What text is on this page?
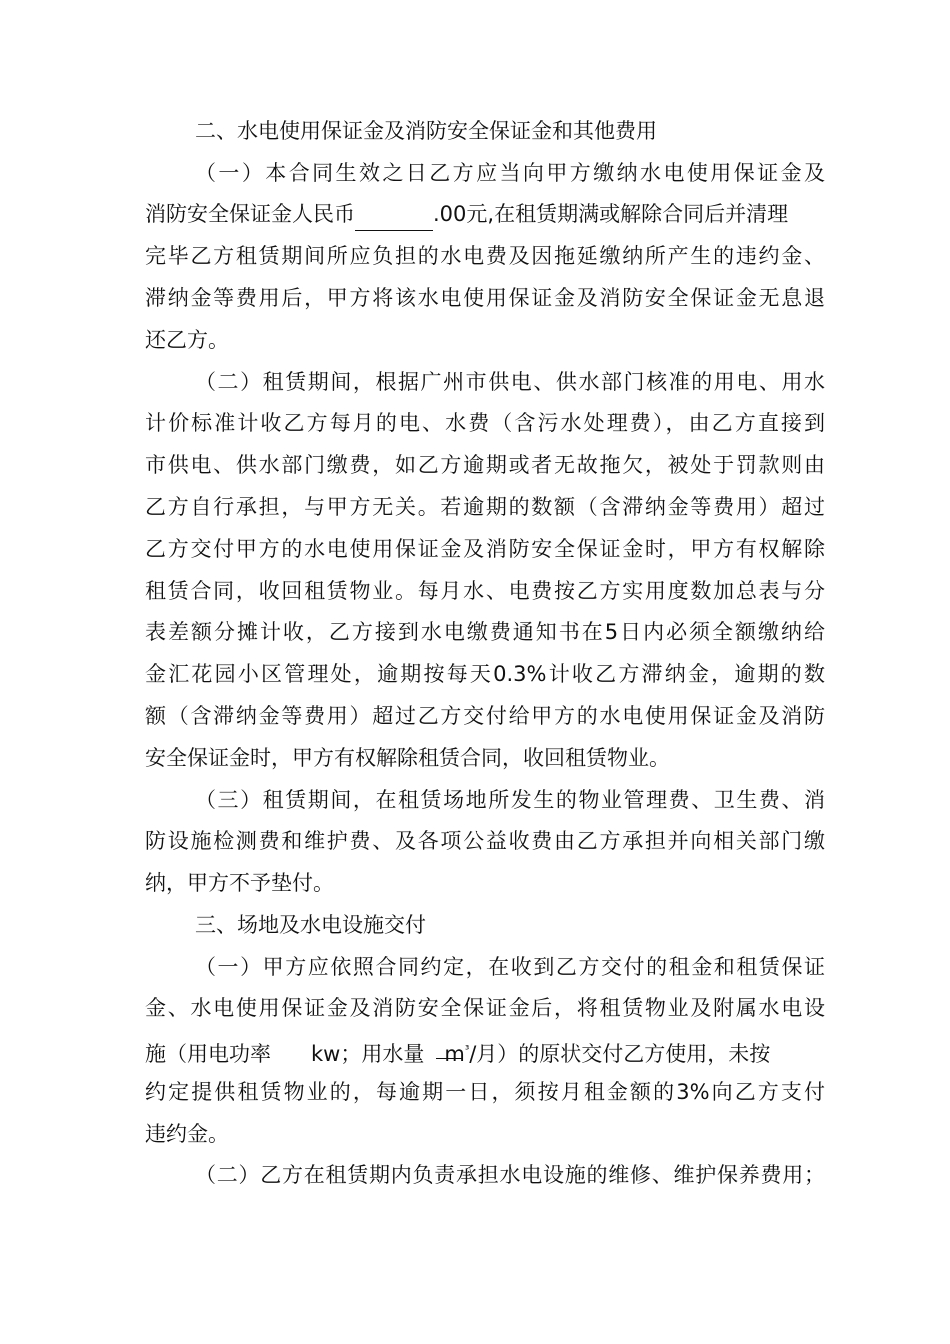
二、水电使用保证金及消防安全保证金和其他费用
（一）本合同生效之日乙方应当向甲方缴纳水电使用保证金及
消防安全保证金人民币	.00元,在租赁期满或解除合同后并清理
完毕乙方租赁期间所应负担的水电费及因拖延缴纳所产生的违约金、
滞纳金等费用后，甲方将该水电使用保证金及消防安全保证金无息退
还乙方。
（二）租赁期间，根据广州市供电、供水部门核准的用电、用水
计价标准计收乙方每月的电、水费（含污水处理费），由乙方直接到
市供电、供水部门缴费，如乙方逾期或者无故拖欠，被处于罚款则由
乙方自行承担，与甲方无关。若逾期的数额（含滞纳金等费用）超过
乙方交付甲方的水电使用保证金及消防安全保证金时，甲方有权解除
租赁合同，收回租赁物业。每月水、电费按乙方实用度数加总表与分
表差额分摊计收，乙方接到水电缴费通知书在5日内必须全额缴纳给
金汇花园小区管理处，逾期按每天0.3%计收乙方滞纳金，逾期的数
额（含滞纳金等费用）超过乙方交付给甲方的水电使用保证金及消防
安全保证金时，甲方有权解除租赁合同，收回租赁物业。
（三）租赁期间，在租赁场地所发生的物业管理费、卫生费、消
防设施检测费和维护费、及各项公益收费由乙方承担并向相关部门缴
纳，甲方不予垫付。
三、场地及水电设施交付
（一）甲方应依照合同约定，在收到乙方交付的租金和租赁保证
金、水电使用保证金及消防安全保证金后，将租赁物业及附属水电设
施（用电功率 kw；用水量 $m^{^3}/$月）的原状交付乙方使用，未按
约定提供租赁物业的，每逾期一日，须按月租金额的3%向乙方支付
违约金。
（二）乙方在租赁期内负责承担水电设施的维修、维护保养费用；
